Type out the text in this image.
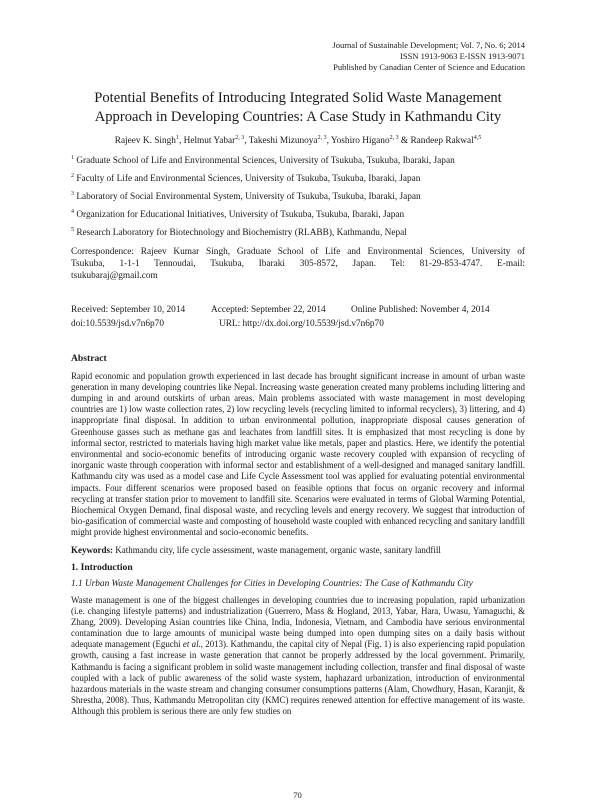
Journal of Sustainable Development; Vol. 7, No. 6; 2014
ISSN 1913-9063 E-ISSN 1913-9071
Published by Canadian Center of Science and Education
Potential Benefits of Introducing Integrated Solid Waste Management
Approach in Developing Countries: A Case Study in Kathmandu City
Rajeev K. Singh$^1$, Helmut Yabar$^{2, 3}$, Takeshi Mizunoya$^{2, 3}$, Yoshiro Higano$^{2, 3}$ & Randeep Rakwal$^{4,5}$
$^1$ Graduate School of Life and Environmental Sciences, University of Tsukuba, Tsukuba, Ibaraki, Japan
$^2$ Faculty of Life and Environmental Sciences, University of Tsukuba, Tsukuba, Ibaraki, Japan
$^3$ Laboratory of Social Environmental System, University of Tsukuba, Tsukuba, Ibaraki, Japan
$^4$ Organization for Educational Initiatives, University of Tsukuba, Tsukuba, Ibaraki, Japan
$^5$ Research Laboratory for Biotechnology and Biochemistry (RLABB), Kathmandu, Nepal
Correspondence: Rajeev Kumar Singh, Graduate School of Life and Environmental Sciences, University of
Tsukuba, 1-1-1 Tennoudai, Tsukuba, Ibaraki 305-8572, Japan. Tel: 81-29-853-4747. E-mail:
tsukubaraj@gmail.com
Received: September 10, 2014	Accepted: September 22, 2014	Online Published: November 4, 2014
doi:10.5539/jsd.v7n6p70	URL: http://dx.doi.org/10.5539/jsd.v7n6p70
Abstract
Rapid economic and population growth experienced in last decade has brought significant increase in amount of urban waste generation in many developing countries like Nepal. Increasing waste generation created many problems including littering and dumping in and around outskirts of urban areas. Main problems associated with waste management in most developing countries are 1) low waste collection rates, 2) low recycling levels (recycling limited to informal recyclers), 3) littering, and 4) inappropriate final disposal. In addition to urban environmental pollution, inappropriate disposal causes generation of Greenhouse gasses such as methane gas and leachates from landfill sites. It is emphasized that most recycling is done by informal sector, restricted to materials having high market value like metals, paper and plastics. Here, we identify the potential environmental and socio-economic benefits of introducing organic waste recovery coupled with expansion of recycling of inorganic waste through cooperation with informal sector and establishment of a well-designed and managed sanitary landfill. Kathmandu city was used as a model case and Life Cycle Assessment tool was applied for evaluating potential environmental impacts. Four different scenarios were proposed based on feasible options that focus on organic recovery and informal recycling at transfer station prior to movement to landfill site. Scenarios were evaluated in terms of Global Warming Potential, Biochemical Oxygen Demand, final disposal waste, and recycling levels and energy recovery. We suggest that introduction of bio-gasification of commercial waste and composting of household waste coupled with enhanced recycling and sanitary landfill might provide highest environmental and socio-economic benefits.
Keywords: Kathmandu city, life cycle assessment, waste management, organic waste, sanitary landfill
1. Introduction
1.1 Urban Waste Management Challenges for Cities in Developing Countries: The Case of Kathmandu City
Waste management is one of the biggest challenges in developing countries due to increasing population, rapid urbanization (i.e. changing lifestyle patterns) and industrialization (Guerrero, Mass & Hogland, 2013, Yabar, Hara, Uwasu, Yamaguchi, & Zhang, 2009). Developing Asian countries like China, India, Indonesia, Vietnam, and Cambodia have serious environmental contamination due to large amounts of municipal waste being dumped into open dumping sites on a daily basis without adequate management (Eguchi et al., 2013). Kathmandu, the capital city of Nepal (Fig. 1) is also experiencing rapid population growth, causing a fast increase in waste generation that cannot be properly addressed by the local government. Primarily, Kathmandu is facing a significant problem in solid waste management including collection, transfer and final disposal of waste coupled with a lack of public awareness of the solid waste system, haphazard urbanization, introduction of environmental hazardous materials in the waste stream and changing consumer consumptions patterns (Alam, Chowdhury, Hasan, Karanjit, & Shrestha, 2008). Thus, Kathmandu Metropolitan city (KMC) requires renewed attention for effective management of its waste. Although this problem is serious there are only few studies on
70
